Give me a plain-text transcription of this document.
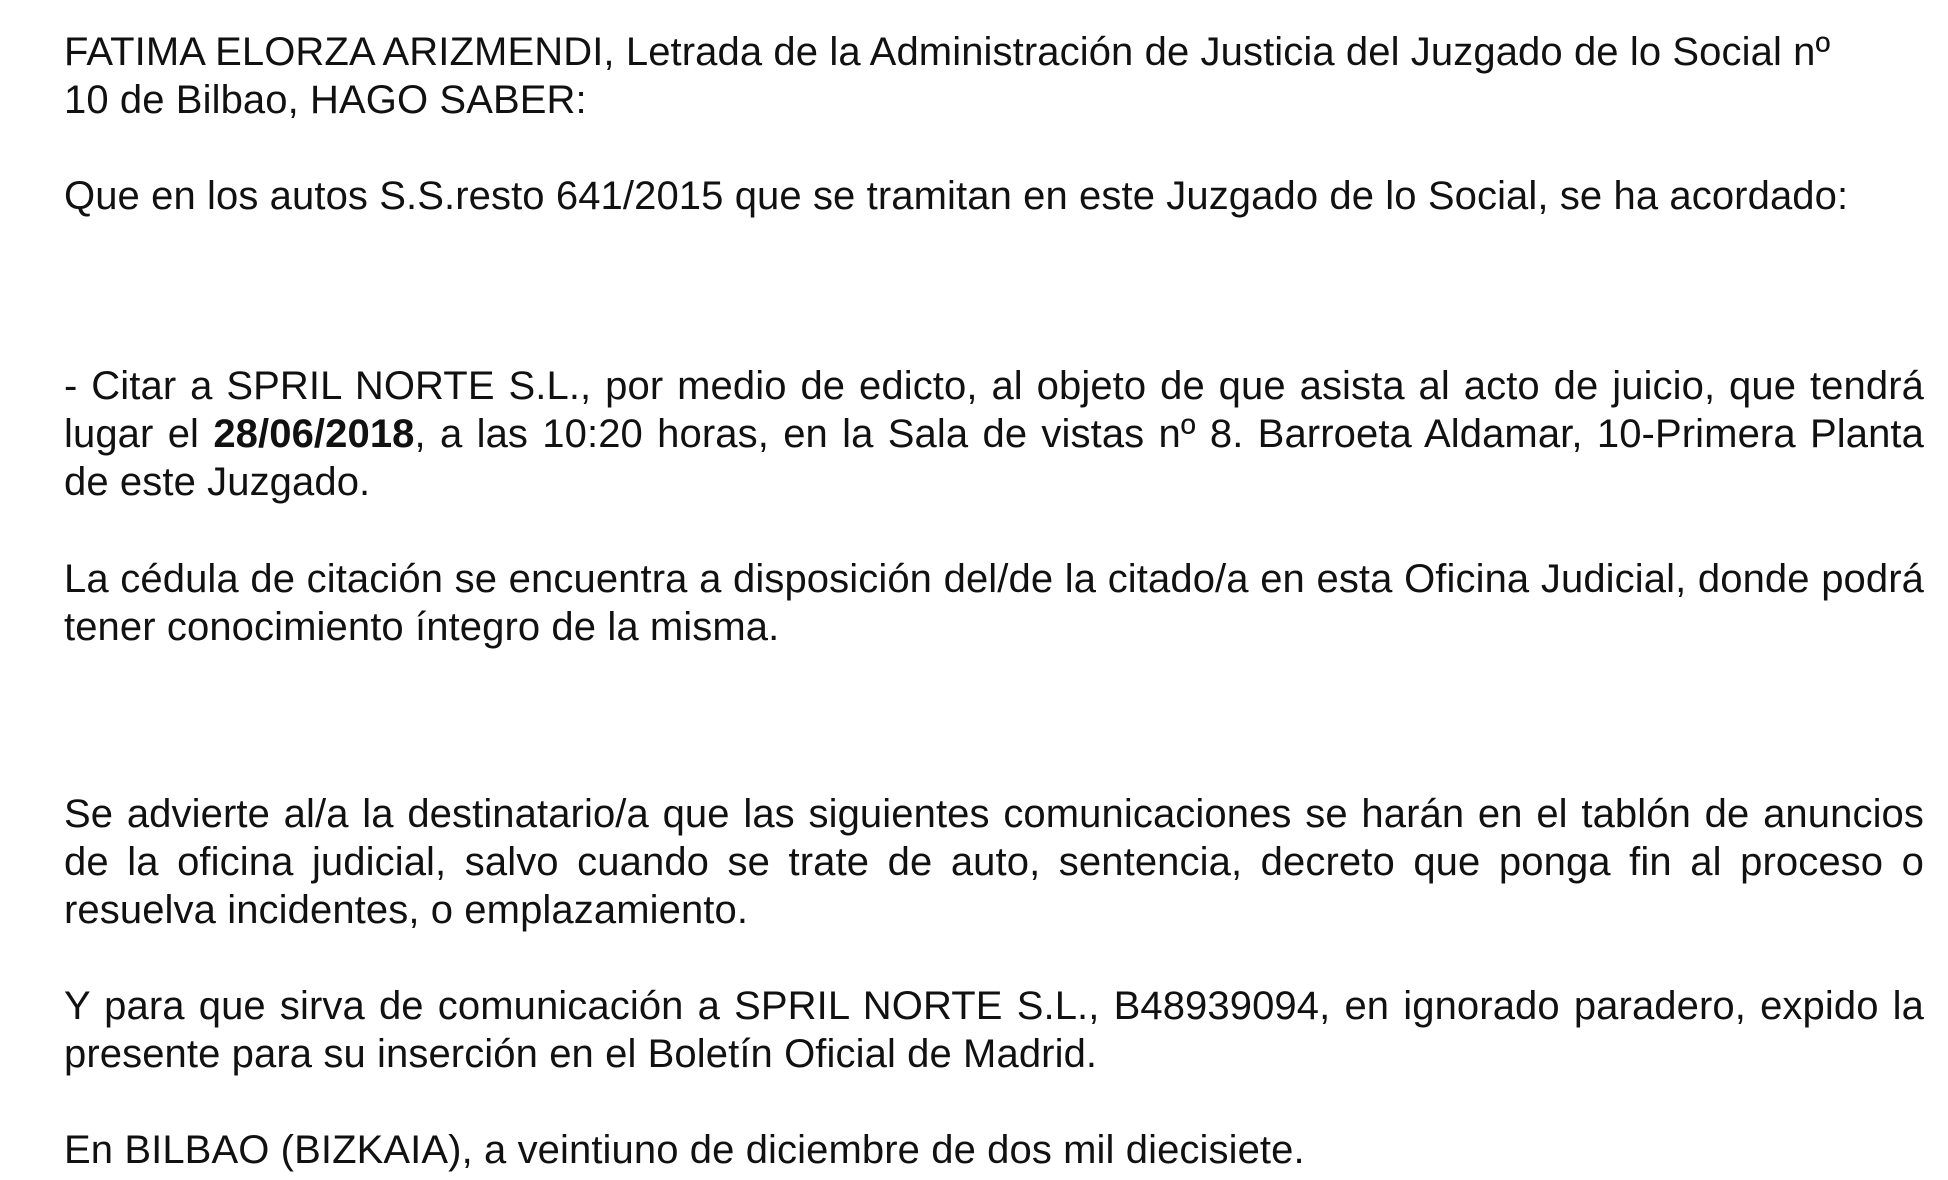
FATIMA ELORZA ARIZMENDI, Letrada de la Administración de Justicia del Juzgado de lo Social nº
10 de Bilbao, HAGO SABER:

Que en los autos S.S.resto 641/2015 que se tramitan en este Juzgado de lo Social, se ha acordado:

- Citar a SPRIL NORTE S.L., por medio de edicto, al objeto de que asista al acto de juicio, que tendrá lugar el 28/06/2018, a las 10:20 horas, en la Sala de vistas nº 8. Barroeta Aldamar, 10-Primera Planta de este Juzgado.

La cédula de citación se encuentra a disposición del/de la citado/a en esta Oficina Judicial, donde podrá tener conocimiento íntegro de la misma.

Se advierte al/a la destinatario/a que las siguientes comunicaciones se harán en el tablón de anuncios de la oficina judicial, salvo cuando se trate de auto, sentencia, decreto que ponga fin al proceso o resuelva incidentes, o emplazamiento.

Y para que sirva de comunicación a SPRIL NORTE S.L., B48939094, en ignorado paradero, expido la presente para su inserción en el Boletín Oficial de Madrid.

En BILBAO (BIZKAIA), a veintiuno de diciembre de dos mil diecisiete.
